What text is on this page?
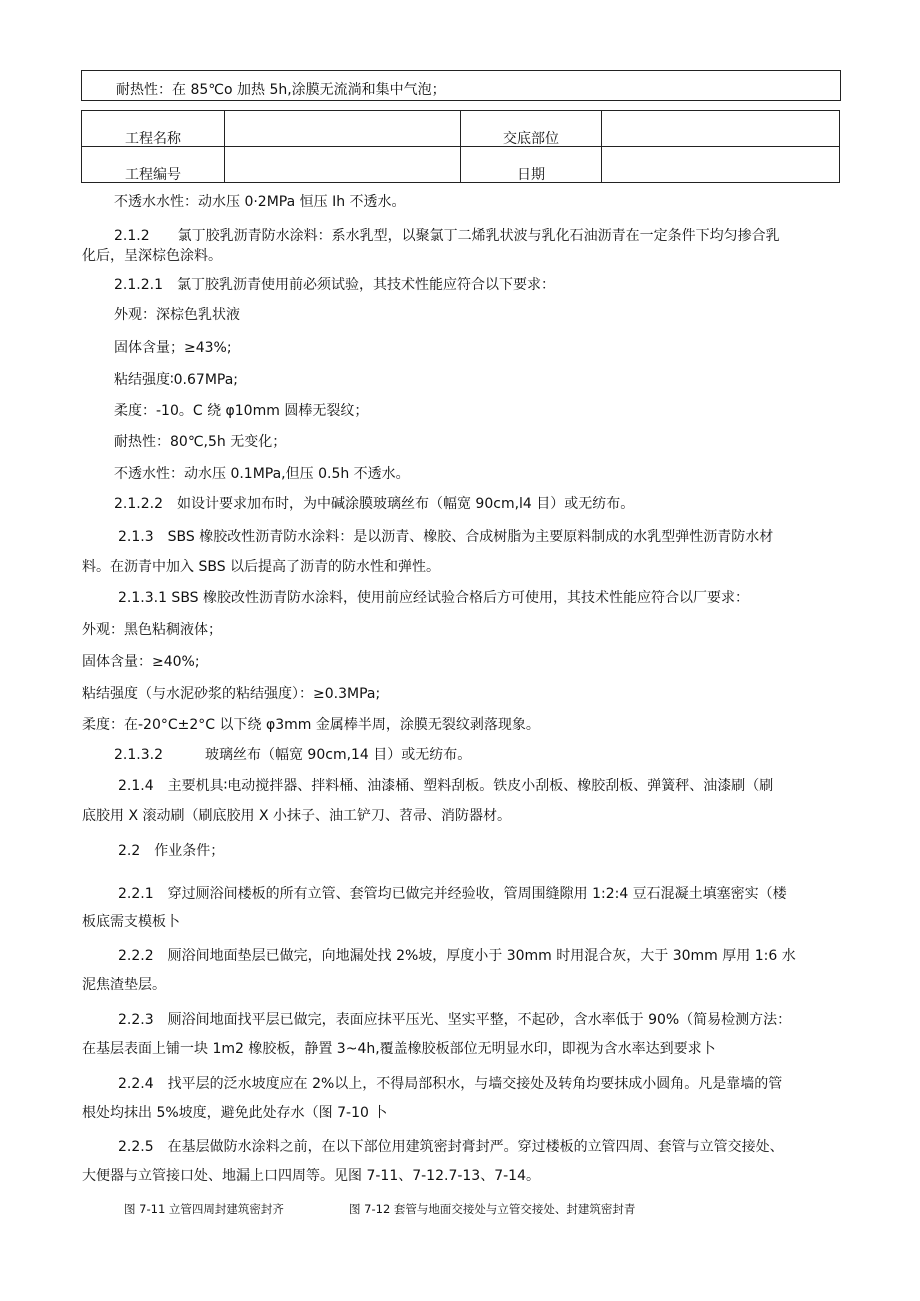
耐热性：在 85℃o 加热 5h,涂膜无流淌和集中气泡；
工程名称		交底部位	
工程编号		日期	
不透水水性：动水压 0·2MPa 恒压 Ih 不透水。
2.1.2　　氯丁胶乳沥青防水涂料：系水乳型，以聚氯丁二烯乳状波与乳化石油沥青在一定条件下均匀掺合乳
化后，呈深棕色涂料。
2.1.2.1　氯丁胶乳沥青使用前必须试验，其技术性能应符合以下要求：
外观：深棕色乳状液
固体含量；≥43%;
粘结强度∶0.67MPa;
柔度：-10。C 绕 φ10mm 圆棒无裂纹；
耐热性：80℃,5h 无变化；
不透水性：动水压 0.1MPa,但压 0.5h 不透水。
2.1.2.2　如设计要求加布时，为中碱涂膜玻璃丝布（幅宽 90cm,l4 目）或无纺布。
2.1.3　SBS 橡胶改性沥青防水涂料：是以沥青、橡胶、合成树脂为主要原料制成的水乳型弹性沥青防水材
料。在沥青中加入 SBS 以后提高了沥青的防水性和弹性。
2.1.3.1 SBS 橡胶改性沥青防水涂料，使用前应经试验合格后方可使用，其技术性能应符合以厂要求：
外观：黑色粘稠液体；
固体含量：≥40%;
粘结强度（与水泥砂浆的粘结强度）：≥0.3MPa;
柔度：在-20°C±2°C 以下绕 φ3mm 金属棒半周，涂膜无裂纹剥落现象。
2.1.3.2　　　玻璃丝布（幅宽 90cm,14 目）或无纺布。
2.1.4　主要机具∶电动搅拌器、拌料桶、油漆桶、塑料刮板。铁皮小刮板、橡胶刮板、弹簧秤、油漆刷（刷
底胶用 X 滚动刷（刷底胶用 X 小抹子、油工铲刀、苕帚、消防器材。
2.2　作业条件；
2.2.1　穿过厕浴间楼板的所有立管、套管均已做完并经验收，管周围缝隙用 1:2:4 豆石混凝土填塞密实（楼
板底需支模板卜
2.2.2　厕浴间地面垫层已做完，向地漏处找 2%坡，厚度小于 30mm 时用混合灰，大于 30mm 厚用 1:6 水
泥焦渣垫层。
2.2.3　厕浴间地面找平层已做完，表面应抹平压光、坚实平整，不起砂，含水率低于 90%（简易检测方法：
在基层表面上铺一块 1m2 橡胶板，静置 3~4h,覆盖橡胶板部位无明显水印，即视为含水率达到要求卜
2.2.4　找平层的泛水坡度应在 2%以上，不得局部积水，与墙交接处及转角均要抹成小圆角。凡是靠墙的管
根处均抹出 5%坡度，避免此处存水（图 7-10 卜
2.2.5　在基层做防水涂料之前，在以下部位用建筑密封膏封严。穿过楼板的立管四周、套管与立管交接处、
大便器与立管接口处、地漏上口四周等。见图 7-11、7-12.7-13、7-14。
图 7-11 立管四周封建筑密封齐	图 7-12 套管与地面交接处与立管交接处、封建筑密封青
